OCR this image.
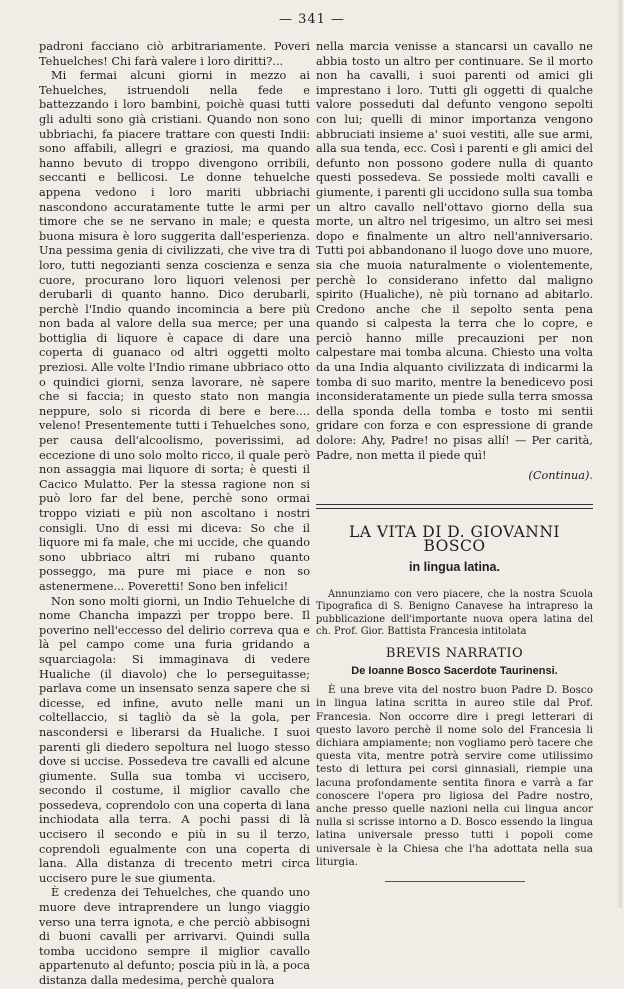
— 341 —

padroni facciano ciò arbitrariamente. Poveri Tehuelches! Chi farà valere i loro diritti?...

Mi fermai alcuni giorni in mezzo ai Tehuelches, istruendoli nella fede e battezzando i loro bambini, poichè quasi tutti gli adulti sono già cristiani. Quando non sono ubbriachi, fa piacere trattare con questi Indii: sono affabili, allegri e graziosi, ma quando hanno bevuto di troppo divengono orribili, seccanti e bellicosi. Le donne tehuelche appena vedono i loro mariti ubbriachi nascondono accuratamente tutte le armi per timore che se ne servano in male; e questa buona misura è loro suggerita dall'esperienza. Una pessima genia di civilizzati, che vive tra di loro, tutti negozianti senza coscienza e senza cuore, procurano loro liquori velenosi per derubarli di quanto hanno. Dico derubarli, perchè l'Indio quando incomincia a bere più non bada al valore della sua merce; per una bottiglia di liquore è capace di dare una coperta di guanaco od altri oggetti molto preziosi. Alle volte l'Indio rimane ubbriaco otto o quindici giorni, senza lavorare, nè sapere che si faccia; in questo stato non mangia neppure, solo si ricorda di bere e bere.... veleno! Presentemente tutti i Tehuelches sono, per causa dell'alcoolismo, poverissimi, ad eccezione di uno solo molto ricco, il quale però non assaggia mai liquore di sorta; è questi il Cacico Mulatto. Per la stessa ragione non si può loro far del bene, perchè sono ormai troppo viziati e più non ascoltano i nostri consigli. Uno di essi mi diceva: So che il liquore mi fa male, che mi uccide, che quando sono ubbriaco altri mi rubano quanto posseggo, ma pure mi piace e non so astenermene... Poveretti! Sono ben infelici!

Non sono molti giorni, un Indio Tehuelche di nome Chancha impazzì per troppo bere. Il poverino nell'eccesso del delirio correva qua e là pel campo come una furia gridando a squarciagola: Si immaginava di vedere Hualiche (il diavolo) che lo perseguitasse; parlava come un insensato senza sapere che si dicesse, ed infine, avuto nelle mani un coltellaccio, si tagliò da sè la gola, per nascondersi e liberarsi da Hualiche. I suoi parenti gli diedero sepoltura nel luogo stesso dove si uccise. Possedeva tre cavalli ed alcune giumente. Sulla sua tomba vi uccisero, secondo il costume, il miglior cavallo che possedeva, coprendolo con una coperta di lana inchiodata alla terra. A pochi passi di là uccisero il secondo e più in su il terzo, coprendoli egualmente con una coperta di lana. Alla distanza di trecento metri circa uccisero pure le sue giumenta.

È credenza dei Tehuelches, che quando uno muore deve intraprendere un lungo viaggio verso una terra ignota, e che perciò abbisogni di buoni cavalli per arrivarvi. Quindi sulla tomba uccidono sempre il miglior cavallo appartenuto al defunto; poscia più in là, a poca distanza dalla medesima, perchè qualora

nella marcia venisse a stancarsi un cavallo ne abbia tosto un altro per continuare. Se il morto non ha cavalli, i suoi parenti od amici gli imprestano i loro. Tutti gli oggetti di qualche valore posseduti dal defunto vengono sepolti con lui; quelli di minor importanza vengono abbruciati insieme a' suoi vestiti, alle sue armi, alla sua tenda, ecc. Così i parenti e gli amici del defunto non possono godere nulla di quanto questi possedeva. Se possiede molti cavalli e giumente, i parenti gli uccidono sulla sua tomba un altro cavallo nell'ottavo giorno della sua morte, un altro nel trigesimo, un altro sei mesi dopo e finalmente un altro nell'anniversario. Tutti poi abbandonano il luogo dove uno muore, sia che muoia naturalmente o violentemente, perchè lo considerano infetto dal maligno spirito (Hualiche), nè più tornano ad abitarlo. Credono anche che il sepolto senta pena quando si calpesta la terra che lo copre, e perciò hanno mille precauzioni per non calpestare mai tomba alcuna. Chiesto una volta da una India alquanto civilizzata di indicarmi la tomba di suo marito, mentre la benedicevo posi inconsideratamente un piede sulla terra smossa della sponda della tomba e tosto mi sentii gridare con forza e con espressione di grande dolore: Ahy, Padre! no pisas allí! — Per carità, Padre, non metta il piede quì!

(Continua).
LA VITA DI D. GIOVANNI BOSCO
in lingua latina.

Annunziamo con vero piacere, che la nostra Scuola Tipografica di S. Benigno Canavese ha intrapreso la pubblicazione dell'importante nuova opera latina del ch. Prof. Gior. Battista Francesia intitolata

BREVIS NARRATIO
De Ioanne Bosco Sacerdote Taurinensi.

È una breve vita del nostro buon Padre D. Bosco in lingua latina scritta in aureo stile dal Prof. Francesia. Non occorre dire i pregi letterari di questo lavoro perchè il nome solo del Francesia li dichiara ampiamente; non vogliamo però tacere che questa vita, mentre potrà servire come utilissimo testo di lettura pei corsi ginnasiali, riempie una lacuna profondamente sentita finora e varrà a far conoscere l'opera pro ligiosa del Padre nostro, anche presso quelle nazioni nella cui lingua ancor nulla si scrisse intorno a D. Bosco essendo la lingua latina universale presso tutti i popoli come universale è la Chiesa che l'ha adottata nella sua liturgia.
